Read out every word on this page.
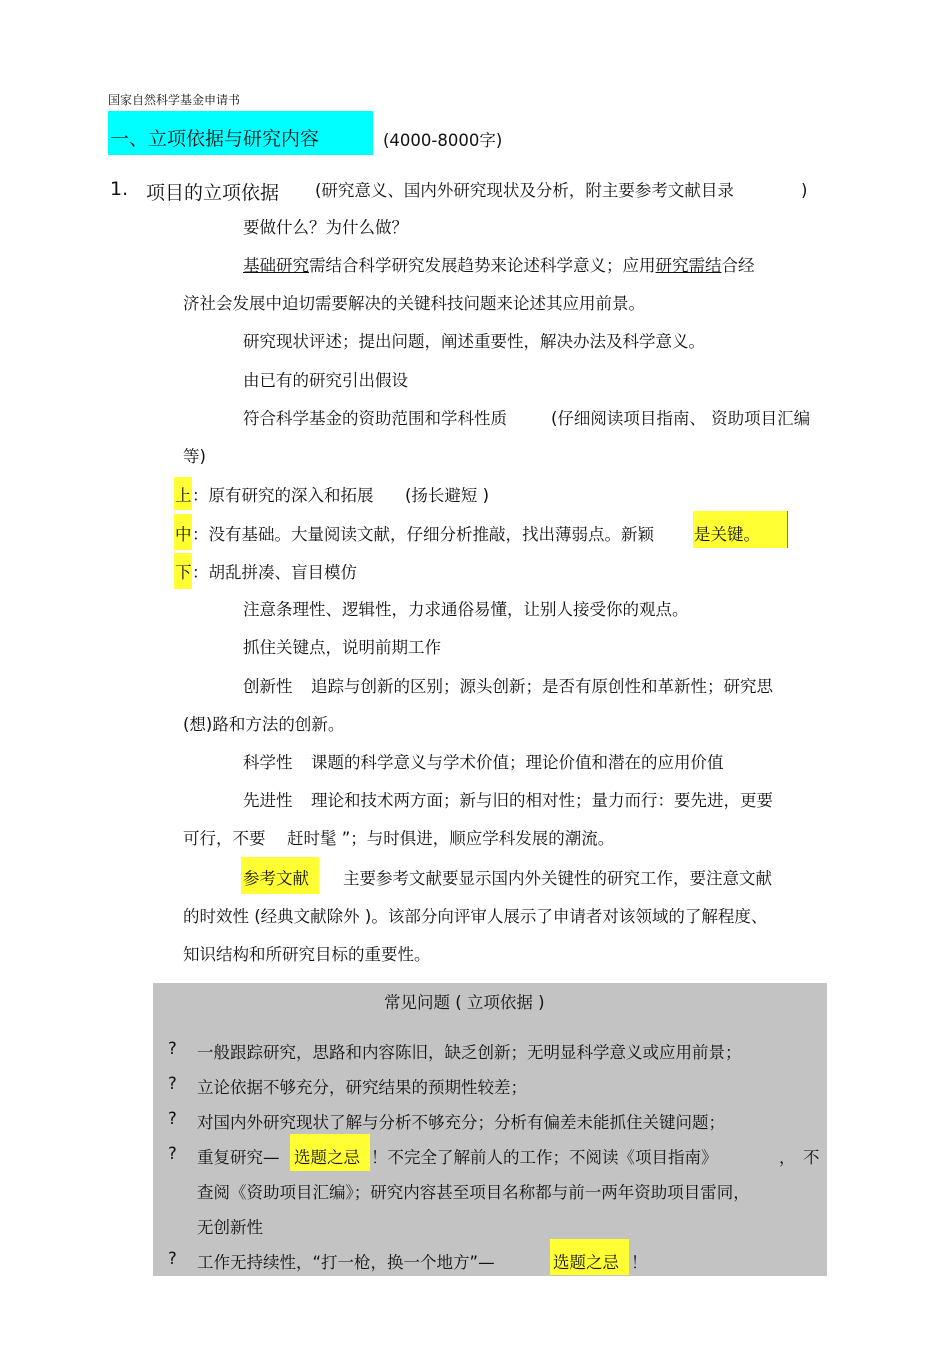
国家自然科学基金申请书
一、立项依据与研究内容	(4000-8000字)
1. 项目的立项依据 (研究意义、国内外研究现状及分析，附主要参考文献目录	)
要做什么？为什么做？
基础研究需结合科学研究发展趋势来论述科学意义；应用研究需结合经
济社会发展中迫切需要解决的关键科技问题来论述其应用前景。
研究现状评述；提出问题，阐述重要性，解决办法及科学意义。
由已有的研究引出假设
符合科学基金的资助范围和学科性质	(仔细阅读项目指南、 资助项目汇编
等)
上 ：原有研究的深入和拓展 (扬长避短 )
中 ：没有基础。大量阅读文献，仔细分析推敲，找出薄弱点。新颖 是关键。
下 ：胡乱拼凑、盲目模仿
注意条理性、逻辑性，力求通俗易懂，让别人接受你的观点。
抓住关键点，说明前期工作
创新性 追踪与创新的区别；源头创新；是否有原创性和革新性；研究思
(想)路和方法的创新。
科学性 课题的科学意义与学术价值；理论价值和潜在的应用价值
先进性 理论和技术两方面；新与旧的相对性；量力而行：要先进，更要
可行，不要 赶时髦 ”；与时俱进，顺应学科发展的潮流。
参考文献 主要参考文献要显示国内外关键性的研究工作，要注意文献
的时效性 (经典文献除外 )。该部分向评审人展示了申请者对该领域的了解程度、
知识结构和所研究目标的重要性。
常见问题 ( 立项依据 )
? 一般跟踪研究，思路和内容陈旧，缺乏创新；无明显科学意义或应用前景；
? 立论依据不够充分，研究结果的预期性较差；
? 对国内外研究现状了解与分析不够充分；分析有偏差未能抓住关键问题；
? 重复研究— 选题之忌 ！不完全了解前人的工作；不阅读《项目指南》	， 不
查阅《资助项目汇编》；研究内容甚至项目名称都与前一两年资助项目雷同，
无创新性
? 工作无持续性，“打一枪，换一个地方”—	选题之忌 ！
